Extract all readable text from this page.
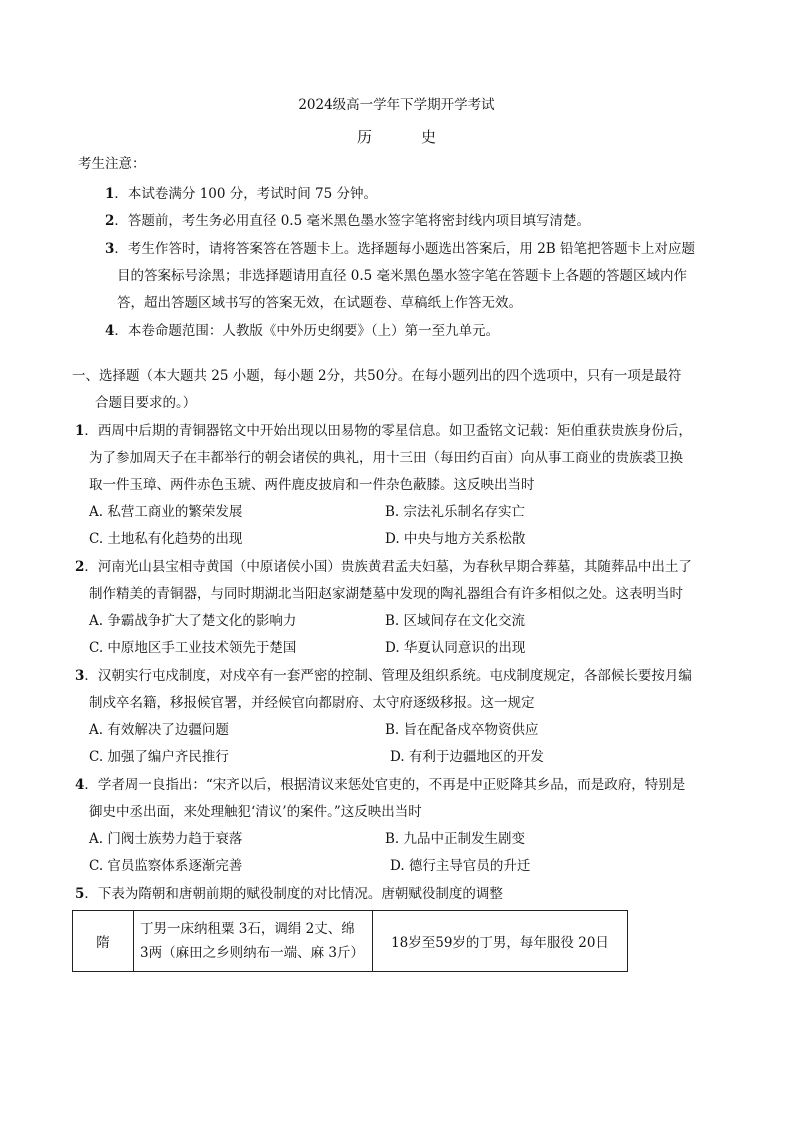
2024级高一学年下学期开学考试
历	史
考生注意：
1．本试卷满分 100 分，考试时间 75 分钟。
2．答题前，考生务必用直径 0.5 毫米黑色墨水签字笔将密封线内项目填写清楚。
3．考生作答时，请将答案答在答题卡上。选择题每小题选出答案后，用 2B 铅笔把答题卡上对应题
目的答案标号涂黑；非选择题请用直径 0.5 毫米黑色墨水签字笔在答题卡上各题的答题区域内作
答，超出答题区域书写的答案无效，在试题卷、草稿纸上作答无效。
4．本卷命题范围：人教版《中外历史纲要》（上）第一至九单元。
一、选择题（本大题共 25 小题，每小题 2分，共50分。在每小题列出的四个选项中，只有一项是最符
合题目要求的。）
1．西周中后期的青铜器铭文中开始出现以田易物的零星信息。如卫盉铭文记载：矩伯重获贵族身份后，
为了参加周天子在丰都举行的朝会诸侯的典礼，用十三田（每田约百亩）向从事工商业的贵族裘卫换
取一件玉璋、两件赤色玉琥、两件鹿皮披肩和一件杂色蔽膝。这反映出当时
A. 私营工商业的繁荣发展	B. 宗法礼乐制名存实亡
C. 土地私有化趋势的出现	D. 中央与地方关系松散
2．河南光山县宝相寺黄国（中原诸侯小国）贵族黄君孟夫妇墓，为春秋早期合葬墓，其随葬品中出土了
制作精美的青铜器，与同时期湖北当阳赵家湖楚墓中发现的陶礼器组合有许多相似之处。这表明当时
A. 争霸战争扩大了楚文化的影响力	B. 区域间存在文化交流
C. 中原地区手工业技术领先于楚国	D. 华夏认同意识的出现
3．汉朝实行屯戍制度，对戍卒有一套严密的控制、管理及组织系统。屯戍制度规定，各部候长要按月编
制戍卒名籍，移报候官署，并经候官向都尉府、太守府逐级移报。这一规定
A. 有效解决了边疆问题	B. 旨在配备戍卒物资供应
C. 加强了编户齐民推行	D. 有利于边疆地区的开发
4．学者周一良指出：“宋齐以后，根据清议来惩处官吏的，不再是中正贬降其乡品，而是政府，特别是
御史中丞出面，来处理触犯‘清议’的案件。”这反映出当时
A. 门阀士族势力趋于衰落	B. 九品中正制发生剧变
C. 官员监察体系逐渐完善	D. 德行主导官员的升迁
5．下表为隋朝和唐朝前期的赋役制度的对比情况。唐朝赋役制度的调整
隋	丁男一床纳租粟 3石，调绢 2丈、绵 3两（麻田之乡则纳布一端、麻 3斤）	18岁至59岁的丁男，每年服役 20日
